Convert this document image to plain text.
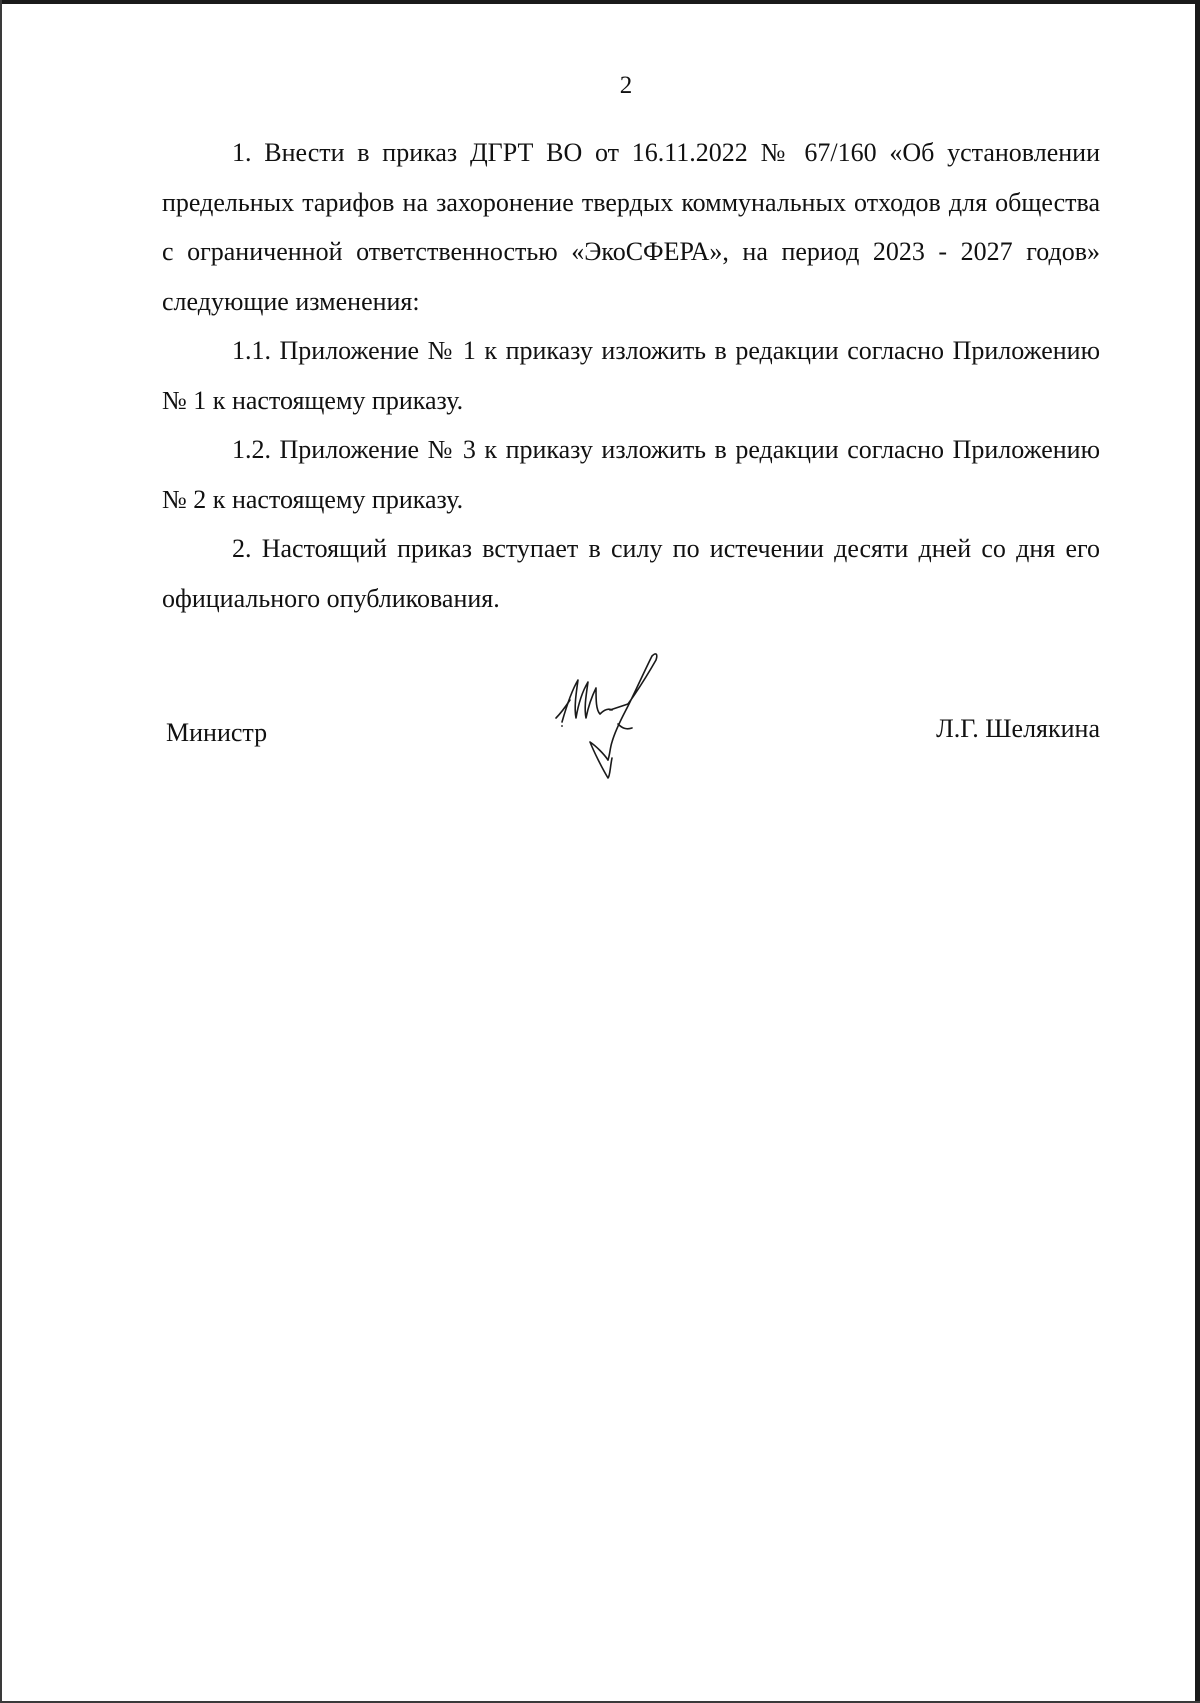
2

1. Внести в приказ ДГРТ ВО от 16.11.2022 № 67/160 «Об установлении предельных тарифов на захоронение твердых коммунальных отходов для общества с ограниченной ответственностью «ЭкоСФЕРА», на период 2023 - 2027 годов» следующие изменения:

1.1. Приложение № 1 к приказу изложить в редакции согласно Приложению № 1 к настоящему приказу.

1.2. Приложение № 3 к приказу изложить в редакции согласно Приложению № 2 к настоящему приказу.

2. Настоящий приказ вступает в силу по истечении десяти дней со дня его официального опубликования.

Министр	Л.Г. Шелякина
